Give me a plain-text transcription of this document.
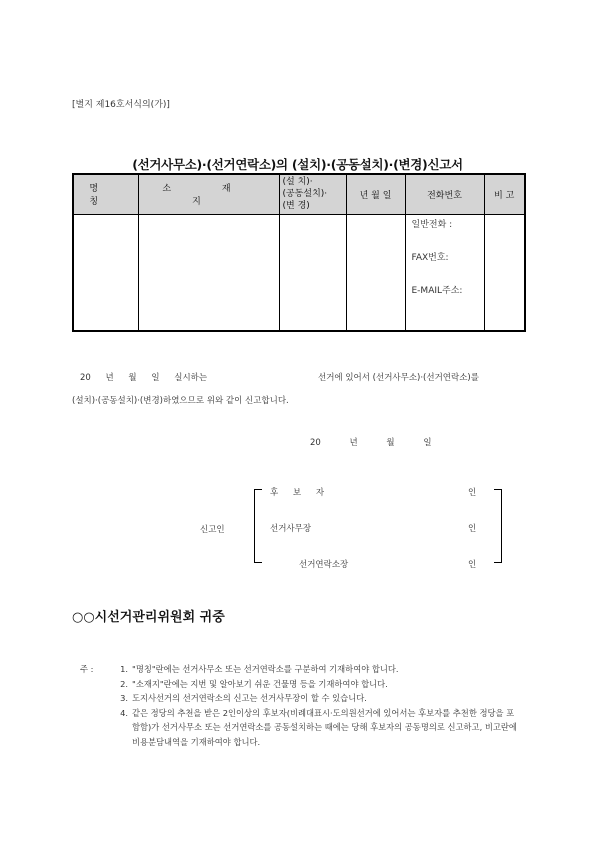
[별지 제16호서식의(가)]
(선거사무소)·(선거연락소)의 (설치)·(공동설치)·(변경)신고서
명 칭	소 재 지	(설 치)·
(공동설치)·
(변 경)	년 월 일	전화번호	비 고

				일반전화 :
FAX번호:
E-MAIL주소:	

20 년 월 일 실시하는	선거에 있어서 (선거사무소)·(선거연락소)를
(설치)·(공동설치)·(변경)하였으므로 위와 같이 신고합니다.
20 년 월 일
신고인
후 보 자	인
선거사무장	인
선거연락소장	인
○○시선거관리위원회 귀중
주 :	1. "명칭"란에는 선거사무소 또는 선거연락소를 구분하여 기재하여야 합니다.
2. "소재지"란에는 지번 및 알아보기 쉬운 건물명 등을 기재하여야 합니다.
3. 도지사선거의 선거연락소의 신고는 선거사무장이 할 수 있습니다.
4. 같은 정당의 추천을 받은 2인이상의 후보자(비례대표시·도의원선거에 있어서는 후보자를 추천한 정당을 포함함)가 선거사무소 또는 선거연락소를 공동설치하는 때에는 당해 후보자의 공동명의로 신고하고, 비고란에 비용분담내역을 기재하여야 합니다.
